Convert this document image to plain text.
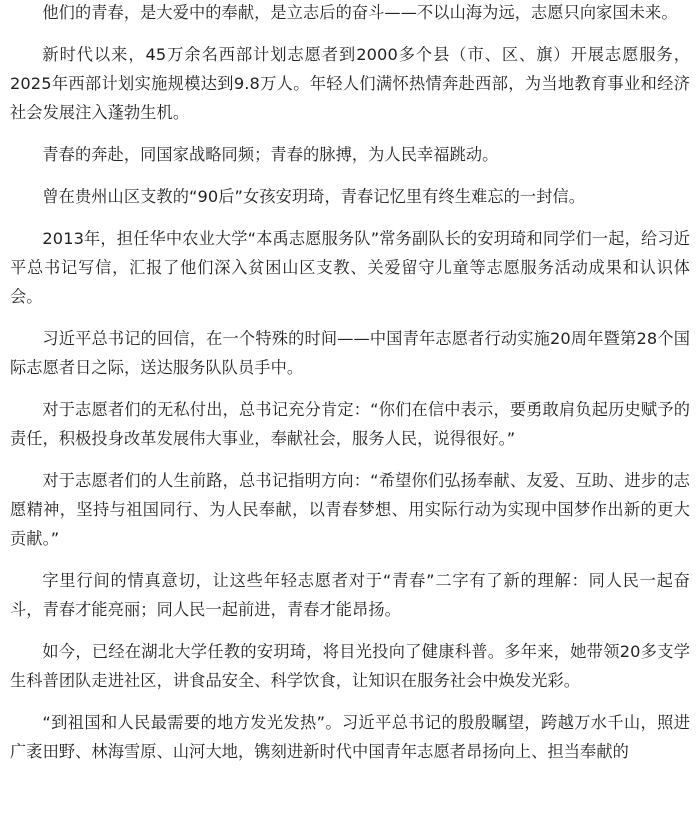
他们的青春，是大爱中的奉献，是立志后的奋斗——不以山海为远，志愿只向家国未来。

新时代以来，45万余名西部计划志愿者到2000多个县（市、区、旗）开展志愿服务，2025年西部计划实施规模达到9.8万人。年轻人们满怀热情奔赴西部，为当地教育事业和经济社会发展注入蓬勃生机。

青春的奔赴，同国家战略同频；青春的脉搏，为人民幸福跳动。

曾在贵州山区支教的“90后”女孩安玥琦，青春记忆里有终生难忘的一封信。

2013年，担任华中农业大学“本禹志愿服务队”常务副队长的安玥琦和同学们一起，给习近平总书记写信，汇报了他们深入贫困山区支教、关爱留守儿童等志愿服务活动成果和认识体会。

习近平总书记的回信，在一个特殊的时间——中国青年志愿者行动实施20周年暨第28个国际志愿者日之际，送达服务队队员手中。

对于志愿者们的无私付出，总书记充分肯定：“你们在信中表示，要勇敢肩负起历史赋予的责任，积极投身改革发展伟大事业，奉献社会，服务人民，说得很好。”

对于志愿者们的人生前路，总书记指明方向：“希望你们弘扬奉献、友爱、互助、进步的志愿精神，坚持与祖国同行、为人民奉献，以青春梦想、用实际行动为实现中国梦作出新的更大贡献。”

字里行间的情真意切，让这些年轻志愿者对于“青春”二字有了新的理解：同人民一起奋斗，青春才能亮丽；同人民一起前进，青春才能昂扬。

如今，已经在湖北大学任教的安玥琦，将目光投向了健康科普。多年来，她带领20多支学生科普团队走进社区，讲食品安全、科学饮食，让知识在服务社会中焕发光彩。

“到祖国和人民最需要的地方发光发热”。习近平总书记的殷殷瞩望，跨越万水千山，照进广袤田野、林海雪原、山河大地，镌刻进新时代中国青年志愿者昂扬向上、担当奉献的
